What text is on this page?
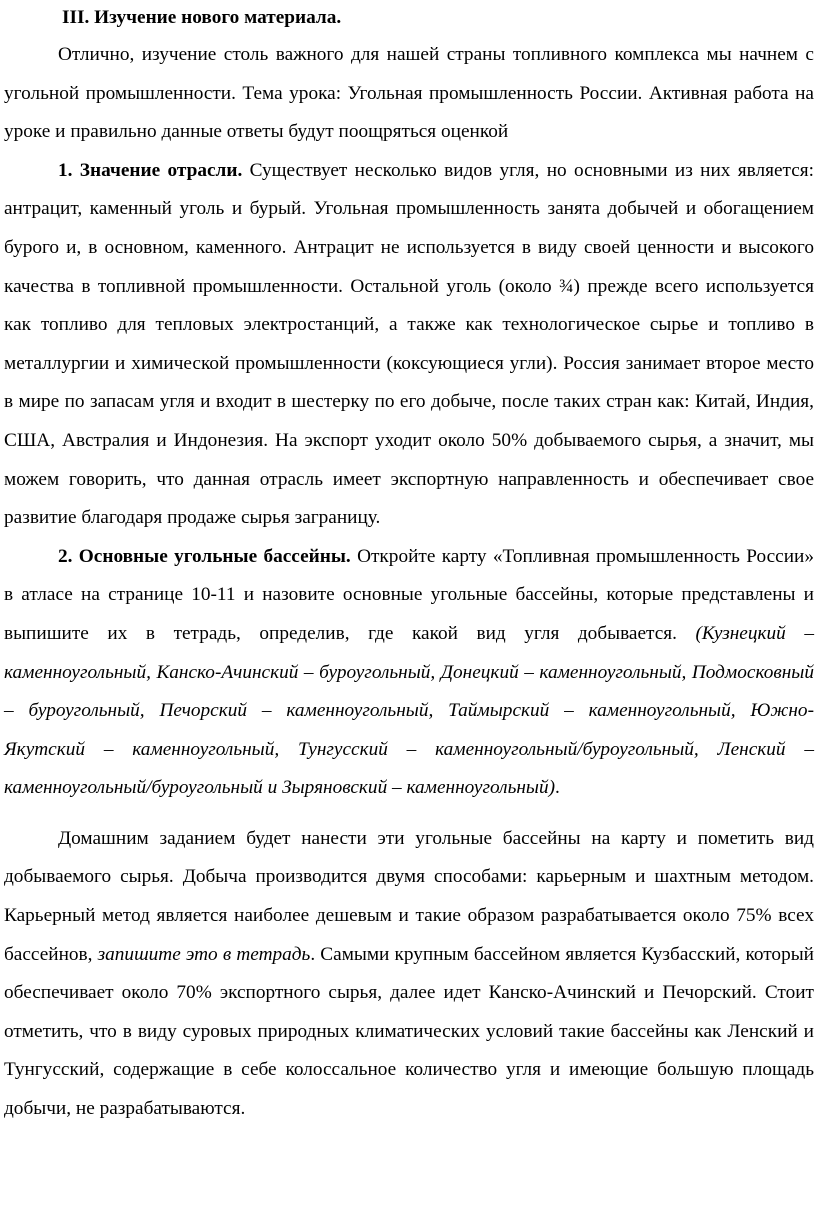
III. Изучение нового материала.

Отлично, изучение столь важного для нашей страны топливного комплекса мы начнем с угольной промышленности. Тема урока: Угольная промышленность России. Активная работа на уроке и правильно данные ответы будут поощряться оценкой

1. Значение отрасли. Существует несколько видов угля, но основными из них является: антрацит, каменный уголь и бурый. Угольная промышленность занята добычей и обогащением бурого и, в основном, каменного. Антрацит не используется в виду своей ценности и высокого качества в топливной промышленности. Остальной уголь (около ¾) прежде всего используется как топливо для тепловых электростанций, а также как технологическое сырье и топливо в металлургии и химической промышленности (коксующиеся угли). Россия занимает второе место в мире по запасам угля и входит в шестерку по его добыче, после таких стран как: Китай, Индия, США, Австралия и Индонезия. На экспорт уходит около 50% добываемого сырья, а значит, мы можем говорить, что данная отрасль имеет экспортную направленность и обеспечивает свое развитие благодаря продаже сырья заграницу.

2. Основные угольные бассейны. Откройте карту «Топливная промышленность России» в атласе на странице 10-11 и назовите основные угольные бассейны, которые представлены и выпишите их в тетрадь, определив, где какой вид угля добывается. (Кузнецкий – каменноугольный, Канско-Ачинский – буроугольный, Донецкий – каменноугольный, Подмосковный – буроугольный, Печорский – каменноугольный, Таймырский – каменноугольный, Южно-Якутский – каменноугольный, Тунгусский – каменноугольный/буроугольный, Ленский – каменноугольный/буроугольный и Зыряновский – каменноугольный).

Домашним заданием будет нанести эти угольные бассейны на карту и пометить вид добываемого сырья. Добыча производится двумя способами: карьерным и шахтным методом. Карьерный метод является наиболее дешевым и такие образом разрабатывается около 75% всех бассейнов, запишите это в тетрадь. Самыми крупным бассейном является Кузбасский, который обеспечивает около 70% экспортного сырья, далее идет Канско-Ачинский и Печорский. Стоит отметить, что в виду суровых природных климатических условий такие бассейны как Ленский и Тунгусский, содержащие в себе колоссальное количество угля и имеющие большую площадь добычи, не разрабатываются.
